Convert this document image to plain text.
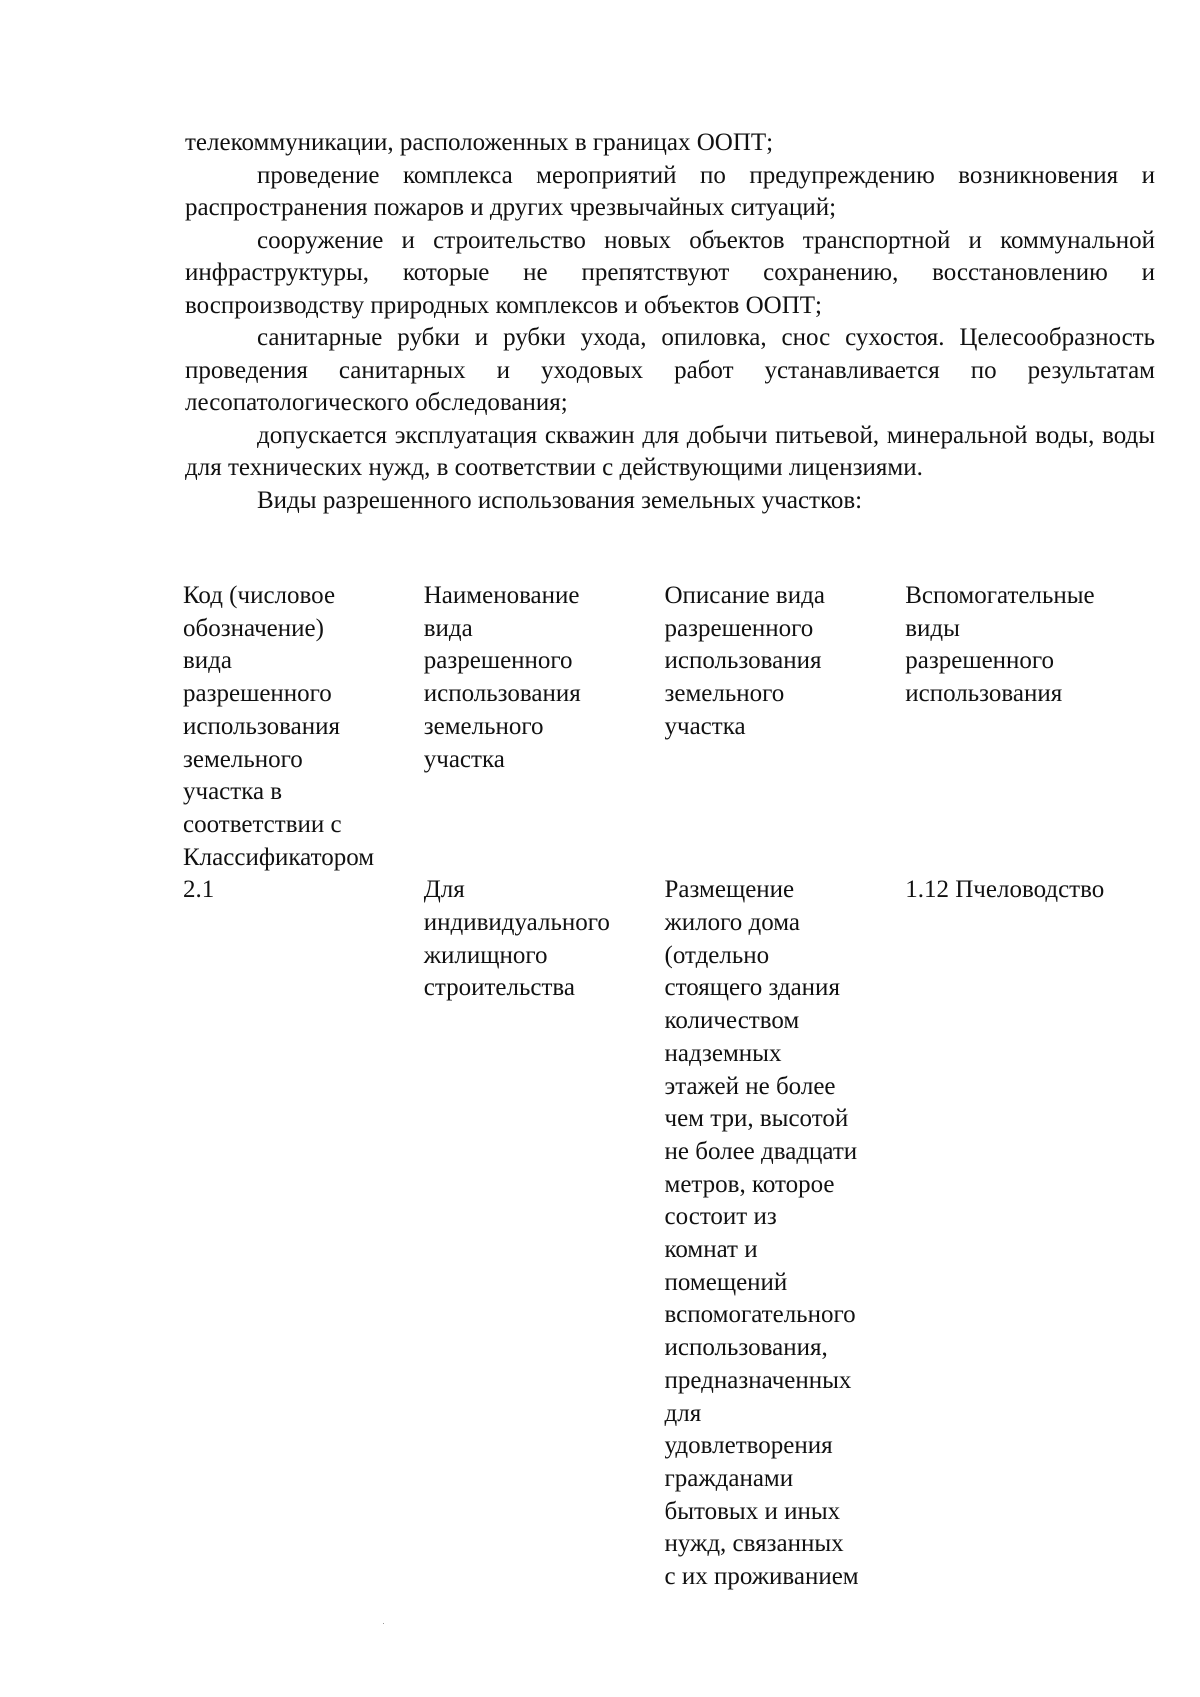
телекоммуникации, расположенных в границах ООПТ;

проведение комплекса мероприятий по предупреждению возникновения и распространения пожаров и других чрезвычайных ситуаций;

сооружение и строительство новых объектов транспортной и коммунальной инфраструктуры, которые не препятствуют сохранению, восстановлению и воспроизводству природных комплексов и объектов ООПТ;

санитарные рубки и рубки ухода, опиловка, снос сухостоя. Целесообразность проведения санитарных и уходовых работ устанавливается по результатам лесопатологического обследования;

допускается эксплуатация скважин для добычи питьевой, минеральной воды, воды для технических нужд, в соответствии с действующими лицензиями.

Виды разрешенного использования земельных участков:

Код (числовое
обозначение)
вида
разрешенного
использования
земельного
участка в
соответствии с
Классификатором
Наименование
вида
разрешенного
использования
земельного
участка
Описание вида
разрешенного
использования
земельного
участка
Вспомогательные
виды
разрешенного
использования
2.1	Для
индивидуального
жилищного
строительства
Размещение
жилого дома
(отдельно
стоящего здания
количеством
надземных
этажей не более
чем три, высотой
не более двадцати
метров, которое
состоит из
комнат и
помещений
вспомогательного
использования,
предназначенных
для
удовлетворения
гражданами
бытовых и иных
нужд, связанных
с их проживанием
1.12 Пчеловодство
